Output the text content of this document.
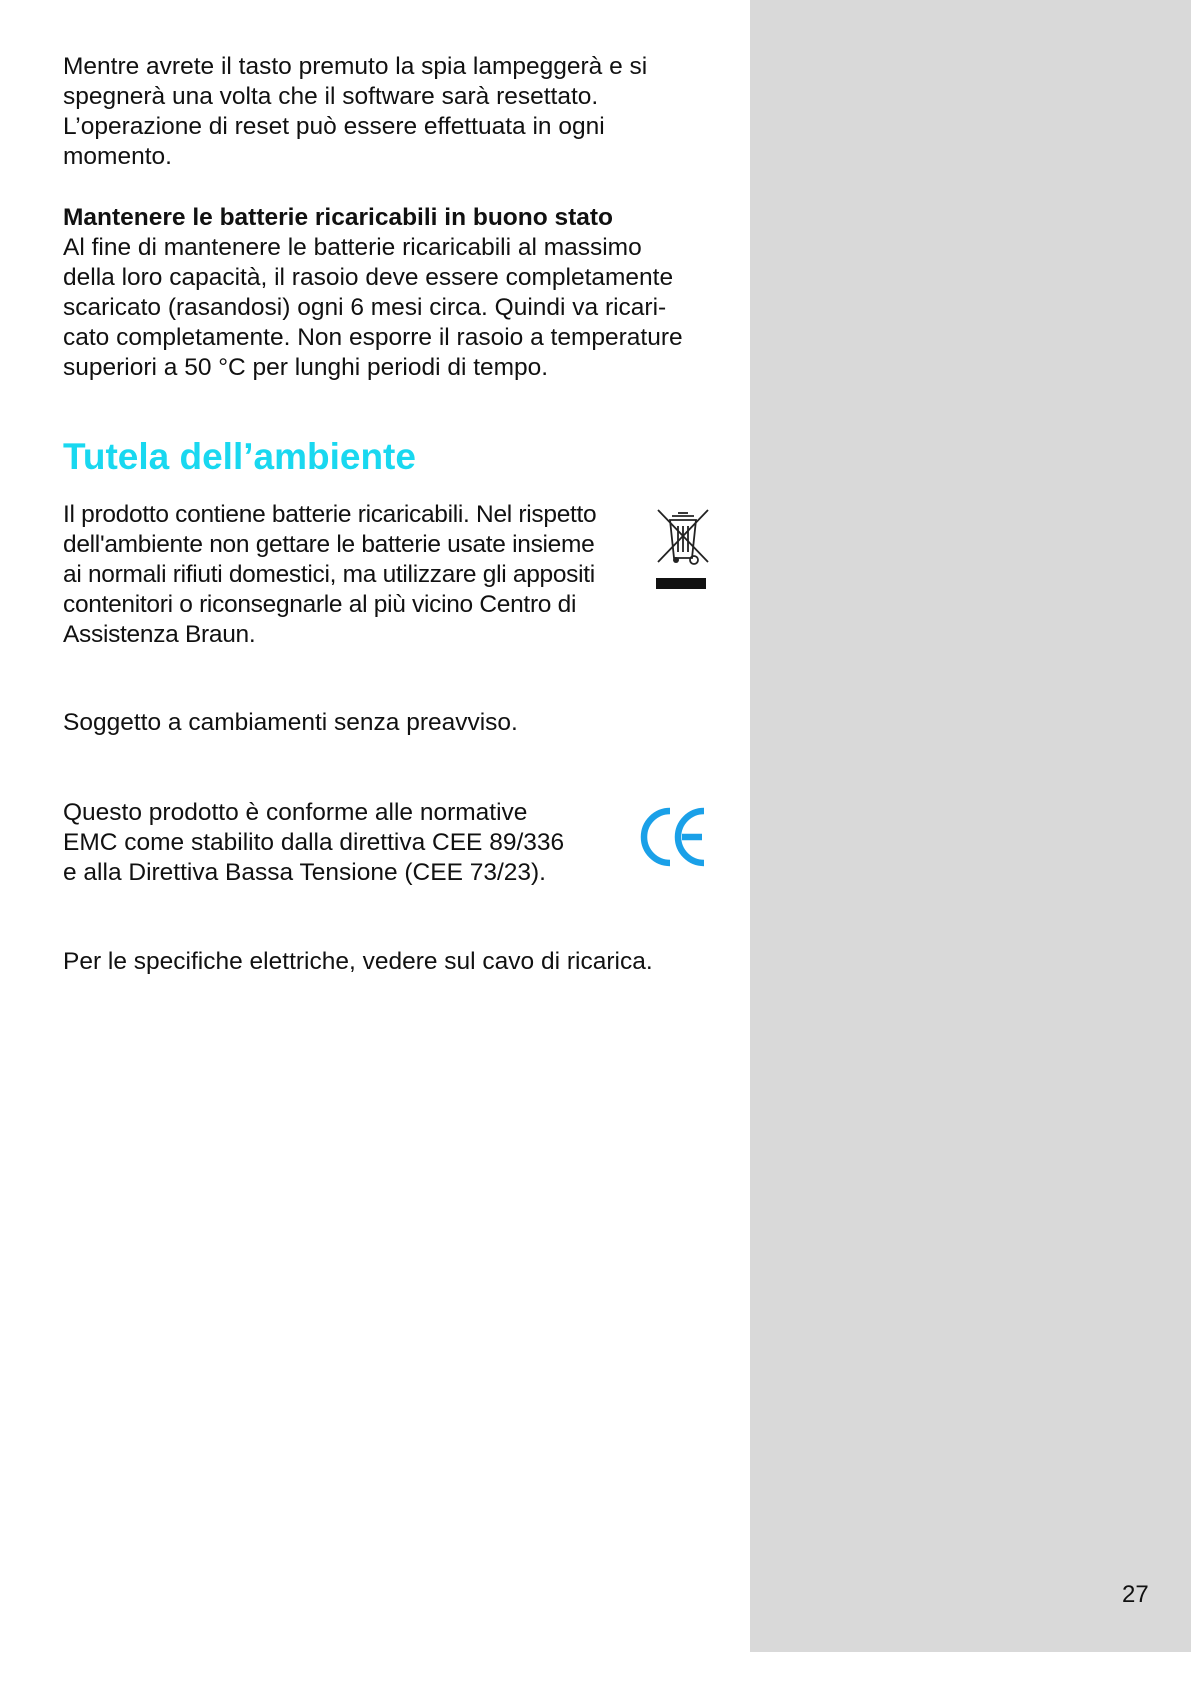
Mentre avrete il tasto premuto la spia lampeggerà e si

spegnerà una volta che il software sarà resettato.

L’operazione di reset può essere effettuata in ogni

momento.

Mantenere le batterie ricaricabili in buono stato

Al fine di mantenere le batterie ricaricabili al massimo

della loro capacità, il rasoio deve essere completamente

scaricato (rasandosi) ogni 6 mesi circa. Quindi va ricari-

cato completamente. Non esporre il rasoio a temperature

superiori a 50 °C per lunghi periodi di tempo.

Tutela dell’ambiente

Il prodotto contiene batterie ricaricabili. Nel rispetto

dell'ambiente non gettare le batterie usate insieme

ai normali rifiuti domestici, ma utilizzare gli appositi

contenitori o riconsegnarle al più vicino Centro di

Assistenza Braun.

Soggetto a cambiamenti senza preavviso.

Questo prodotto è conforme alle normative

EMC come stabilito dalla direttiva CEE 89/336

e alla Direttiva Bassa Tensione (CEE 73/23).

Per le specifiche elettriche, vedere sul cavo di ricarica.

27
